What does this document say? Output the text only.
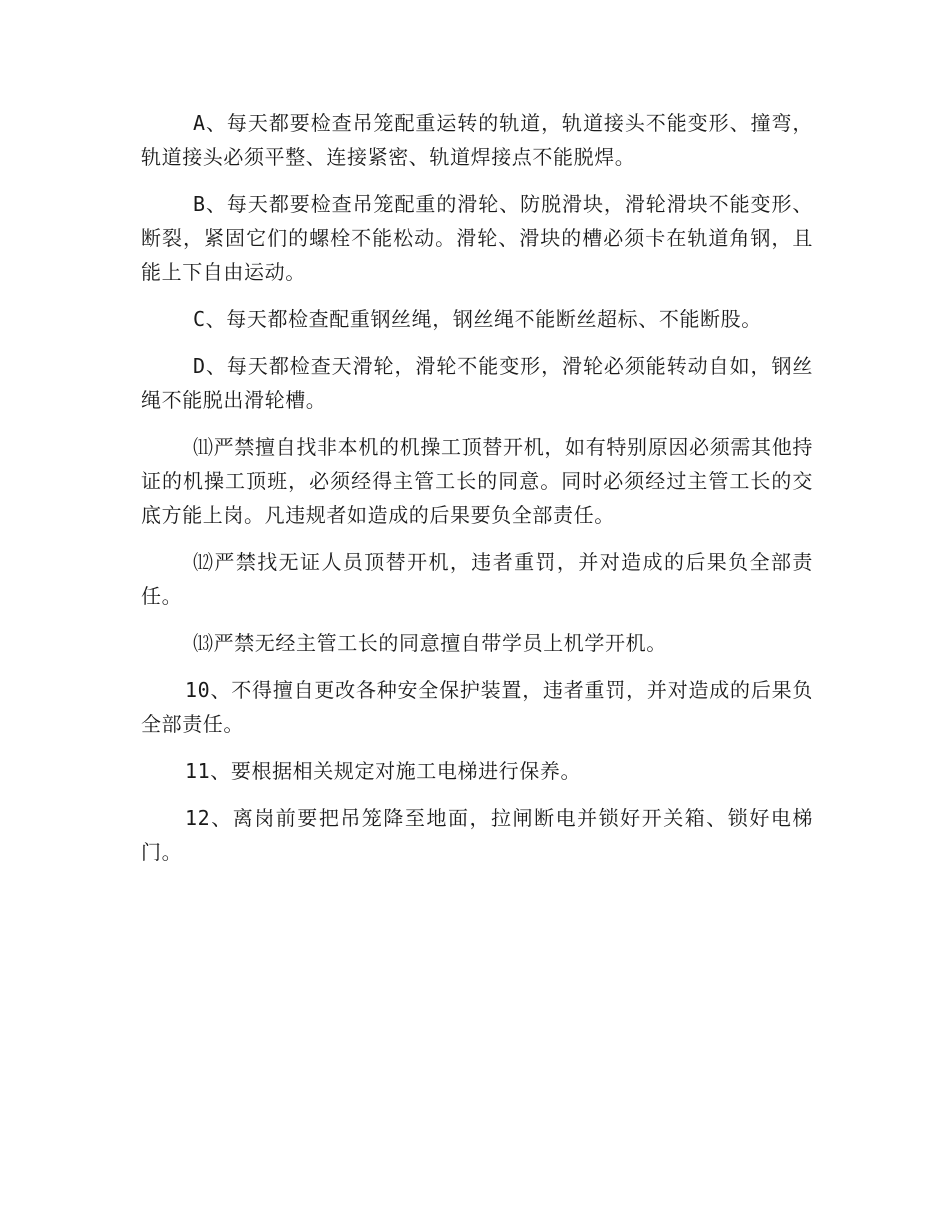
A、每天都要检查吊笼配重运转的轨道，轨道接头不能变形、撞弯，轨道接头必须平整、连接紧密、轨道焊接点不能脱焊。

B、每天都要检查吊笼配重的滑轮、防脱滑块，滑轮滑块不能变形、断裂，紧固它们的螺栓不能松动。滑轮、滑块的槽必须卡在轨道角钢，且能上下自由运动。

C、每天都检查配重钢丝绳，钢丝绳不能断丝超标、不能断股。

D、每天都检查天滑轮，滑轮不能变形，滑轮必须能转动自如，钢丝绳不能脱出滑轮槽。

⑾严禁擅自找非本机的机操工顶替开机，如有特别原因必须需其他持证的机操工顶班，必须经得主管工长的同意。同时必须经过主管工长的交底方能上岗。凡违规者如造成的后果要负全部责任。

⑿严禁找无证人员顶替开机，违者重罚，并对造成的后果负全部责任。

⒀严禁无经主管工长的同意擅自带学员上机学开机。

10、不得擅自更改各种安全保护装置，违者重罚，并对造成的后果负全部责任。

11、要根据相关规定对施工电梯进行保养。

12、离岗前要把吊笼降至地面，拉闸断电并锁好开关箱、锁好电梯门。
